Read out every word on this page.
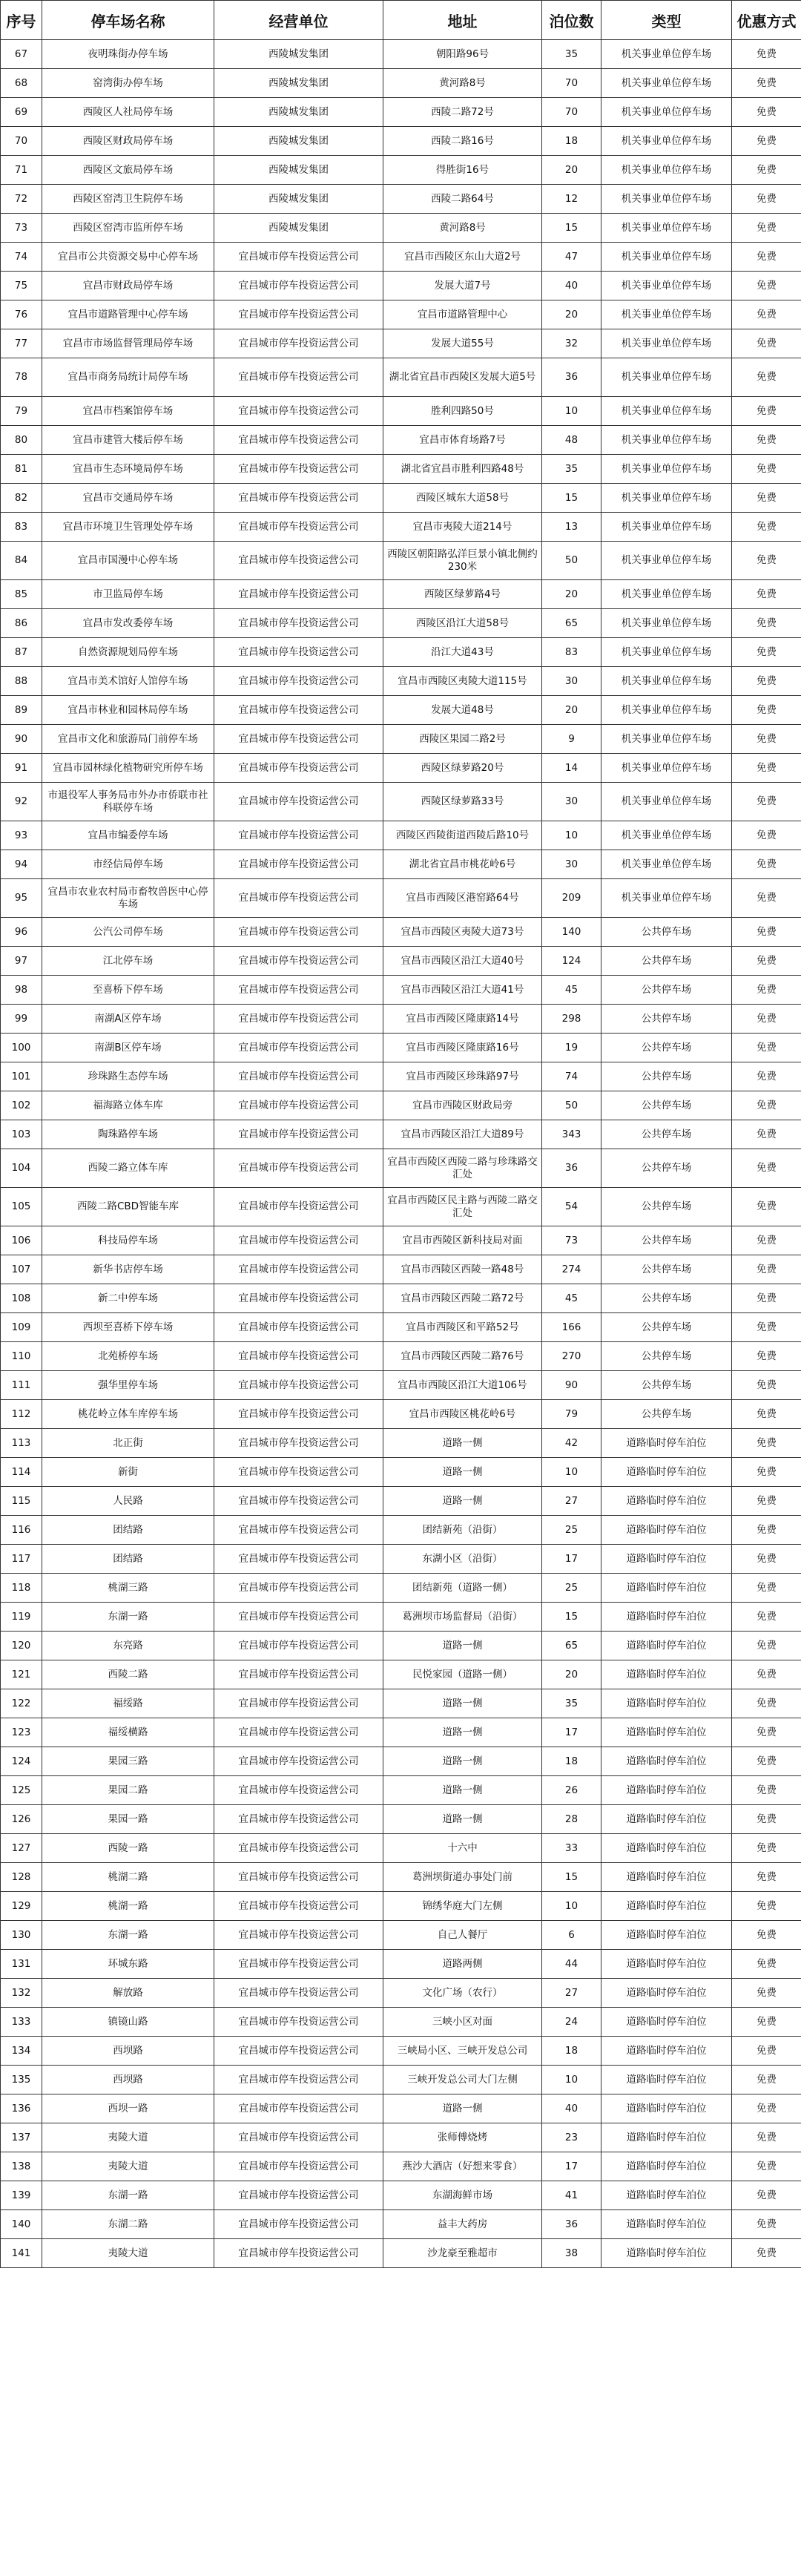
序号	停车场名称	经营单位	地址	泊位数	类型	优惠方式
67	夜明珠街办停车场	西陵城发集团	朝阳路96号	35	机关事业单位停车场	免费
68	窑湾街办停车场	西陵城发集团	黄河路8号	70	机关事业单位停车场	免费
69	西陵区人社局停车场	西陵城发集团	西陵二路72号	70	机关事业单位停车场	免费
70	西陵区财政局停车场	西陵城发集团	西陵二路16号	18	机关事业单位停车场	免费
71	西陵区文旅局停车场	西陵城发集团	得胜街16号	20	机关事业单位停车场	免费
72	西陵区窑湾卫生院停车场	西陵城发集团	西陵二路64号	12	机关事业单位停车场	免费
73	西陵区窑湾市监所停车场	西陵城发集团	黄河路8号	15	机关事业单位停车场	免费
74	宜昌市公共资源交易中心停车场	宜昌城市停车投资运营公司	宜昌市西陵区东山大道2号	47	机关事业单位停车场	免费
75	宜昌市财政局停车场	宜昌城市停车投资运营公司	发展大道7号	40	机关事业单位停车场	免费
76	宜昌市道路管理中心停车场	宜昌城市停车投资运营公司	宜昌市道路管理中心	20	机关事业单位停车场	免费
77	宜昌市市场监督管理局停车场	宜昌城市停车投资运营公司	发展大道55号	32	机关事业单位停车场	免费
78	宜昌市商务局统计局停车场	宜昌城市停车投资运营公司	湖北省宜昌市西陵区发展大道5号	36	机关事业单位停车场	免费
79	宜昌市档案馆停车场	宜昌城市停车投资运营公司	胜利四路50号	10	机关事业单位停车场	免费
80	宜昌市建管大楼后停车场	宜昌城市停车投资运营公司	宜昌市体育场路7号	48	机关事业单位停车场	免费
81	宜昌市生态环境局停车场	宜昌城市停车投资运营公司	湖北省宜昌市胜利四路48号	35	机关事业单位停车场	免费
82	宜昌市交通局停车场	宜昌城市停车投资运营公司	西陵区城东大道58号	15	机关事业单位停车场	免费
83	宜昌市环境卫生管理处停车场	宜昌城市停车投资运营公司	宜昌市夷陵大道214号	13	机关事业单位停车场	免费
84	宜昌市国漫中心停车场	宜昌城市停车投资运营公司	西陵区朝阳路弘洋巨景小镇北侧约230米	50	机关事业单位停车场	免费
85	市卫监局停车场	宜昌城市停车投资运营公司	西陵区绿萝路4号	20	机关事业单位停车场	免费
86	宜昌市发改委停车场	宜昌城市停车投资运营公司	西陵区沿江大道58号	65	机关事业单位停车场	免费
87	自然资源规划局停车场	宜昌城市停车投资运营公司	沿江大道43号	83	机关事业单位停车场	免费
88	宜昌市美术馆好人馆停车场	宜昌城市停车投资运营公司	宜昌市西陵区夷陵大道115号	30	机关事业单位停车场	免费
89	宜昌市林业和园林局停车场	宜昌城市停车投资运营公司	发展大道48号	20	机关事业单位停车场	免费
90	宜昌市文化和旅游局门前停车场	宜昌城市停车投资运营公司	西陵区果园二路2号	9	机关事业单位停车场	免费
91	宜昌市园林绿化植物研究所停车场	宜昌城市停车投资运营公司	西陵区绿萝路20号	14	机关事业单位停车场	免费
92	市退役军人事务局市外办市侨联市社科联停车场	宜昌城市停车投资运营公司	西陵区绿萝路33号	30	机关事业单位停车场	免费
93	宜昌市编委停车场	宜昌城市停车投资运营公司	西陵区西陵街道西陵后路10号	10	机关事业单位停车场	免费
94	市经信局停车场	宜昌城市停车投资运营公司	湖北省宜昌市桃花岭6号	30	机关事业单位停车场	免费
95	宜昌市农业农村局市畜牧兽医中心停车场	宜昌城市停车投资运营公司	宜昌市西陵区港窑路64号	209	机关事业单位停车场	免费
96	公汽公司停车场	宜昌城市停车投资运营公司	宜昌市西陵区夷陵大道73号	140	公共停车场	免费
97	江北停车场	宜昌城市停车投资运营公司	宜昌市西陵区沿江大道40号	124	公共停车场	免费
98	至喜桥下停车场	宜昌城市停车投资运营公司	宜昌市西陵区沿江大道41号	45	公共停车场	免费
99	南湖A区停车场	宜昌城市停车投资运营公司	宜昌市西陵区隆康路14号	298	公共停车场	免费
100	南湖B区停车场	宜昌城市停车投资运营公司	宜昌市西陵区隆康路16号	19	公共停车场	免费
101	珍珠路生态停车场	宜昌城市停车投资运营公司	宜昌市西陵区珍珠路97号	74	公共停车场	免费
102	福海路立体车库	宜昌城市停车投资运营公司	宜昌市西陵区财政局旁	50	公共停车场	免费
103	陶珠路停车场	宜昌城市停车投资运营公司	宜昌市西陵区沿江大道89号	343	公共停车场	免费
104	西陵二路立体车库	宜昌城市停车投资运营公司	宜昌市西陵区西陵二路与珍珠路交汇处	36	公共停车场	免费
105	西陵二路CBD智能车库	宜昌城市停车投资运营公司	宜昌市西陵区民主路与西陵二路交汇处	54	公共停车场	免费
106	科技局停车场	宜昌城市停车投资运营公司	宜昌市西陵区新科技局对面	73	公共停车场	免费
107	新华书店停车场	宜昌城市停车投资运营公司	宜昌市西陵区西陵一路48号	274	公共停车场	免费
108	新二中停车场	宜昌城市停车投资运营公司	宜昌市西陵区西陵二路72号	45	公共停车场	免费
109	西坝至喜桥下停车场	宜昌城市停车投资运营公司	宜昌市西陵区和平路52号	166	公共停车场	免费
110	北苑桥停车场	宜昌城市停车投资运营公司	宜昌市西陵区西陵二路76号	270	公共停车场	免费
111	强华里停车场	宜昌城市停车投资运营公司	宜昌市西陵区沿江大道106号	90	公共停车场	免费
112	桃花岭立体车库停车场	宜昌城市停车投资运营公司	宜昌市西陵区桃花岭6号	79	公共停车场	免费
113	北正街	宜昌城市停车投资运营公司	道路一侧	42	道路临时停车泊位	免费
114	新街	宜昌城市停车投资运营公司	道路一侧	10	道路临时停车泊位	免费
115	人民路	宜昌城市停车投资运营公司	道路一侧	27	道路临时停车泊位	免费
116	团结路	宜昌城市停车投资运营公司	团结新苑（沿街）	25	道路临时停车泊位	免费
117	团结路	宜昌城市停车投资运营公司	东湖小区（沿街）	17	道路临时停车泊位	免费
118	桃湖三路	宜昌城市停车投资运营公司	团结新苑（道路一侧）	25	道路临时停车泊位	免费
119	东湖一路	宜昌城市停车投资运营公司	葛洲坝市场监督局（沿街）	15	道路临时停车泊位	免费
120	东亮路	宜昌城市停车投资运营公司	道路一侧	65	道路临时停车泊位	免费
121	西陵二路	宜昌城市停车投资运营公司	民悦家园（道路一侧）	20	道路临时停车泊位	免费
122	福绥路	宜昌城市停车投资运营公司	道路一侧	35	道路临时停车泊位	免费
123	福绥横路	宜昌城市停车投资运营公司	道路一侧	17	道路临时停车泊位	免费
124	果园三路	宜昌城市停车投资运营公司	道路一侧	18	道路临时停车泊位	免费
125	果园二路	宜昌城市停车投资运营公司	道路一侧	26	道路临时停车泊位	免费
126	果园一路	宜昌城市停车投资运营公司	道路一侧	28	道路临时停车泊位	免费
127	西陵一路	宜昌城市停车投资运营公司	十六中	33	道路临时停车泊位	免费
128	桃湖二路	宜昌城市停车投资运营公司	葛洲坝街道办事处门前	15	道路临时停车泊位	免费
129	桃湖一路	宜昌城市停车投资运营公司	锦绣华庭大门左侧	10	道路临时停车泊位	免费
130	东湖一路	宜昌城市停车投资运营公司	自己人餐厅	6	道路临时停车泊位	免费
131	环城东路	宜昌城市停车投资运营公司	道路两侧	44	道路临时停车泊位	免费
132	解放路	宜昌城市停车投资运营公司	文化广场（农行）	27	道路临时停车泊位	免费
133	镇镜山路	宜昌城市停车投资运营公司	三峡小区对面	24	道路临时停车泊位	免费
134	西坝路	宜昌城市停车投资运营公司	三峡局小区、三峡开发总公司	18	道路临时停车泊位	免费
135	西坝路	宜昌城市停车投资运营公司	三峡开发总公司大门左侧	10	道路临时停车泊位	免费
136	西坝一路	宜昌城市停车投资运营公司	道路一侧	40	道路临时停车泊位	免费
137	夷陵大道	宜昌城市停车投资运营公司	张师傅烧烤	23	道路临时停车泊位	免费
138	夷陵大道	宜昌城市停车投资运营公司	燕沙大酒店（好想来零食）	17	道路临时停车泊位	免费
139	东湖一路	宜昌城市停车投资运营公司	东湖海鲜市场	41	道路临时停车泊位	免费
140	东湖二路	宜昌城市停车投资运营公司	益丰大药房	36	道路临时停车泊位	免费
141	夷陵大道	宜昌城市停车投资运营公司	沙龙豪至雅超市	38	道路临时停车泊位	免费
